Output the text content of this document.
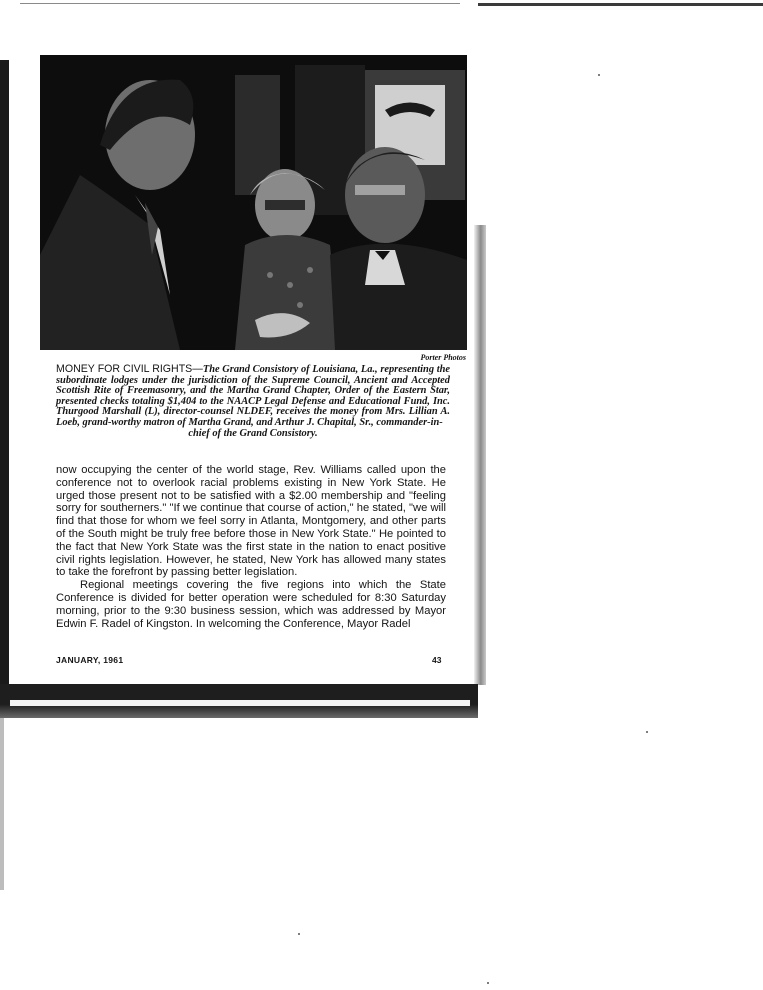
Porter Photos
MONEY FOR CIVIL RIGHTS—The Grand Consistory of Louisiana, La., representing the subordinate lodges under the jurisdiction of the Supreme Council, Ancient and Accepted Scottish Rite of Freemasonry, and the Martha Grand Chapter, Order of the Eastern Star, presented checks totaling $1,404 to the NAACP Legal Defense and Educational Fund, Inc. Thurgood Marshall (L), director-counsel NLDEF, receives the money from Mrs. Lillian A. Loeb, grand-worthy matron of Martha Grand, and Arthur J. Chapital, Sr., commander-in-
chief of the Grand Consistory.

now occupying the center of the world stage, Rev. Williams called upon the conference not to overlook racial problems existing in New York State. He urged those present not to be satisfied with a $2.00 membership and "feeling sorry for southerners." "If we continue that course of action," he stated, "we will find that those for whom we feel sorry in Atlanta, Montgomery, and other parts of the South might be truly free before those in New York State." He pointed to the fact that New York State was the first state in the nation to enact positive civil rights legislation. However, he stated, New York has allowed many states to take the forefront by passing better legislation.

Regional meetings covering the five regions into which the State Conference is divided for better operation were scheduled for 8:30 Saturday morning, prior to the 9:30 business session, which was addressed by Mayor Edwin F. Radel of Kingston. In welcoming the Conference, Mayor Radel

JANUARY, 1961	43
